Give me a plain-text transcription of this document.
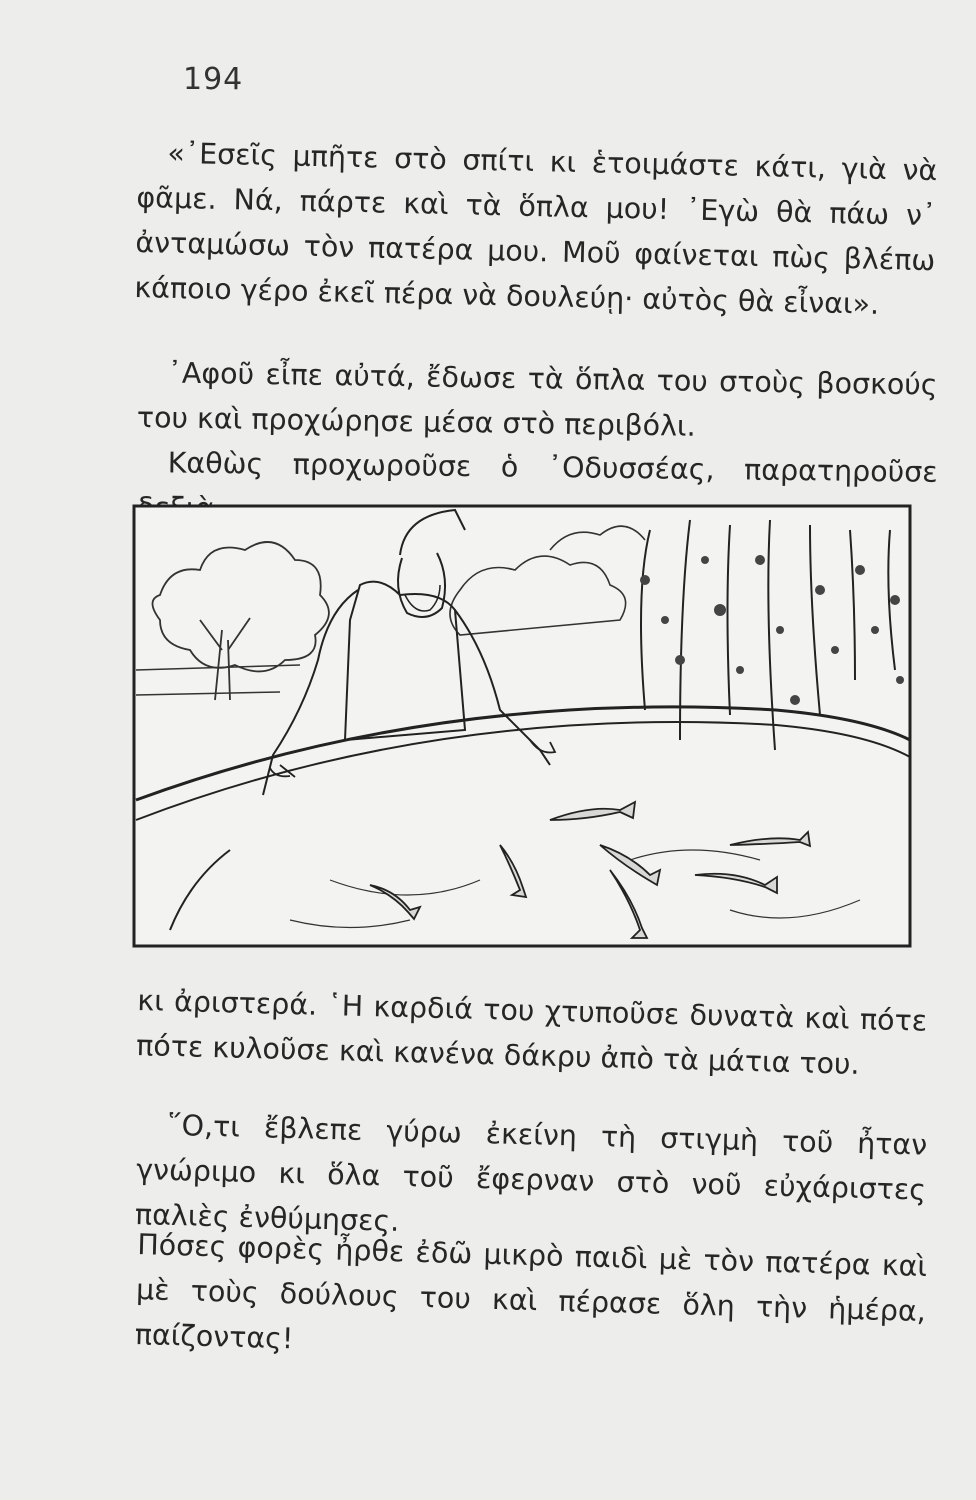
194

«᾿Εσεῖς μπῆτε στὸ σπίτι κι ἑτοιμάστε κάτι, γιὰ νὰ φᾶμε. Νά, πάρτε καὶ τὰ ὅπλα μου! ᾿Εγὼ θὰ πάω ν᾿ ἀνταμώσω τὸν πατέρα μου. Μοῦ φαίνεται πὼς βλέπω κάποιο γέρο ἐκεῖ πέρα νὰ δουλεύῃ· αὐτὸς θὰ εἶναι».

᾿Αφοῦ εἶπε αὐτά, ἔδωσε τὰ ὅπλα του στοὺς βοσκούς του καὶ προχώρησε μέσα στὸ περιβόλι.

Καθὼς προχωροῦσε ὁ ᾿Οδυσσέας, παρατηροῦσε

κι ἀριστερά. ῾Η καρδιά του χτυποῦσε δυνατὰ καὶ πότε πότε κυλοῦσε καὶ κανένα δάκρυ ἀπὸ τὰ μάτια του.

῞Ο,τι ἔβλεπε γύρω ἐκείνη τὴ στιγμὴ τοῦ ἦταν γνώριμο κι ὅλα τοῦ ἔφερναν στὸ νοῦ εὐχάριστες παλιὲς ἐνθύμησες.

Πόσες φορὲς ἦρθε ἐδῶ μικρὸ παιδὶ μὲ τὸν πατέρα καὶ μὲ τοὺς δούλους του καὶ πέρασε ὅλη τὴν ἡμέρα, παίζοντας!
